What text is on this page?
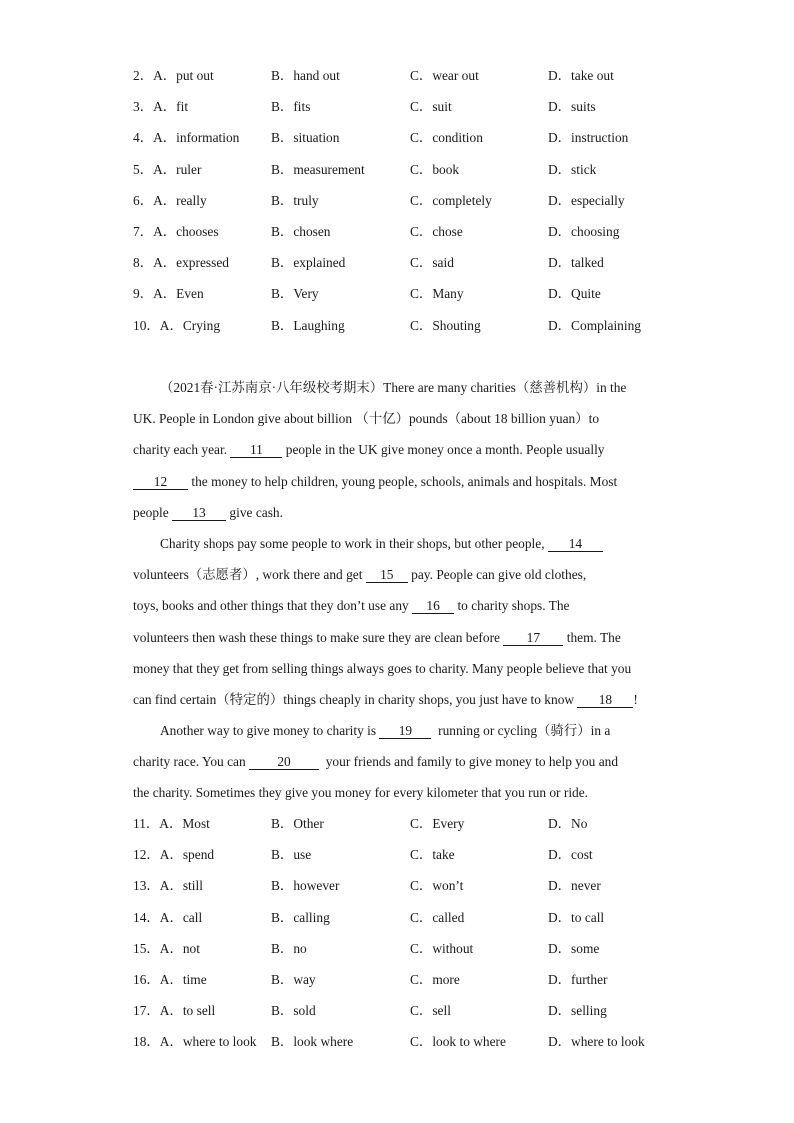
2．A．put out	B．hand out	C．wear out	D．take out
3．A．fit	B．fits	C．suit	D．suits
4．A．information B．situation	C．condition	D．instruction
5．A．ruler	B．measurement	C．book	D．stick
6．A．really	B．truly	C．completely	D．especially
7．A．chooses	B．chosen	C．chose	D．choosing
8．A．expressed	B．explained	C．said	D．talked
9．A．Even	B．Very	C．Many	D．Quite
10．A．Crying	B．Laughing	C．Shouting	D．Complaining
（2021春·江苏南京·八年级校考期末）There are many charities（慈善机构）in the
UK. People in London give about billion （十亿）pounds（about 18 billion yuan）to
charity each year. 11 people in the UK give money once a month. People usually
12 the money to help children, young people, schools, animals and hospitals. Most
people 13 give cash.
Charity shops pay some people to work in their shops, but other people, 14
volunteers（志愿者）, work there and get 15 pay. People can give old clothes,
toys, books and other things that they don’t use any 16 to charity shops. The
volunteers then wash these things to make sure they are clean before 17 them. The
money that they get from selling things always goes to charity. Many people believe that you
can find certain（特定的）things cheaply in charity shops, you just have to know 18 !
Another way to give money to charity is 19 running or cycling（骑行）in a
charity race. You can 20	your friends and family to give money to help you and
the charity. Sometimes they give you money for every kilometer that you run or ride.
11．A．Most	B．Other	C．Every	D．No
12．A．spend	B．use	C．take	D．cost
13．A．still	B．however	C．won’t	D．never
14．A．call	B．calling	C．called	D．to call
15．A．not	B．no	C．without	D．some
16．A．time	B．way	C．more	D．further
17．A．to sell	B．sold	C．sell	D．selling
18．A．where to look B．look where	C．look to where	D．where to look
